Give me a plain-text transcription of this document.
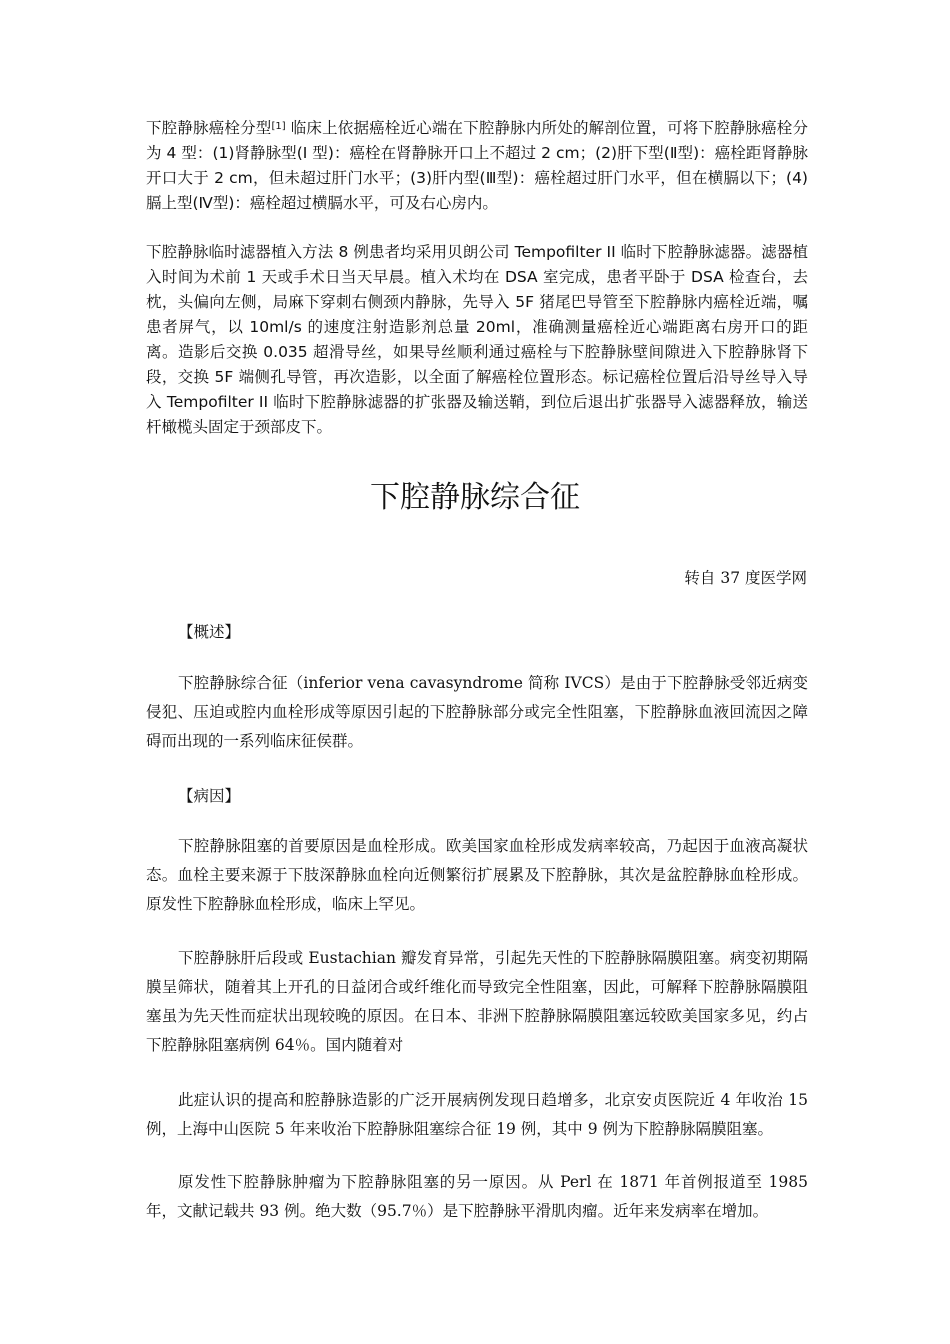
下腔静脉癌栓分型[1] 临床上依据癌栓近心端在下腔静脉内所处的解剖位置，可将下腔静脉癌栓分为 4 型：(1)肾静脉型(I 型)：癌栓在肾静脉开口上不超过 2 cm；(2)肝下型(Ⅱ型)：癌栓距肾静脉开口大于 2 cm，但未超过肝门水平；(3)肝内型(Ⅲ型)：癌栓超过肝门水平，但在横膈以下；(4)膈上型(Ⅳ型)：癌栓超过横膈水平，可及右心房内。

下腔静脉临时滤器植入方法 8 例患者均采用贝朗公司 Tempofilter II 临时下腔静脉滤器。滤器植入时间为术前 1 天或手术日当天早晨。植入术均在 DSA 室完成，患者平卧于 DSA 检查台，去枕，头偏向左侧，局麻下穿刺右侧颈内静脉，先导入 5F 猪尾巴导管至下腔静脉内癌栓近端，嘱患者屏气，以 10ml/s 的速度注射造影剂总量 20ml，准确测量癌栓近心端距离右房开口的距离。造影后交换 0.035 超滑导丝，如果导丝顺利通过癌栓与下腔静脉壁间隙进入下腔静脉肾下段，交换 5F 端侧孔导管，再次造影，以全面了解癌栓位置形态。标记癌栓位置后沿导丝导入导入 Tempofilter II 临时下腔静脉滤器的扩张器及输送鞘，到位后退出扩张器导入滤器释放，输送杆橄榄头固定于颈部皮下。

下腔静脉综合征
转自 37 度医学网
【概述】

下腔静脉综合征（inferior vena cavasyndrome 简称 IVCS）是由于下腔静脉受邻近病变侵犯、压迫或腔内血栓形成等原因引起的下腔静脉部分或完全性阻塞，下腔静脉血液回流因之障碍而出现的一系列临床征侯群。

【病因】

下腔静脉阻塞的首要原因是血栓形成。欧美国家血栓形成发病率较高，乃起因于血液高凝状态。血栓主要来源于下肢深静脉血栓向近侧繁衍扩展累及下腔静脉，其次是盆腔静脉血栓形成。原发性下腔静脉血栓形成，临床上罕见。

下腔静脉肝后段或 Eustachian 瓣发育异常，引起先天性的下腔静脉隔膜阻塞。病变初期隔膜呈筛状，随着其上开孔的日益闭合或纤维化而导致完全性阻塞，因此，可解释下腔静脉隔膜阻塞虽为先天性而症状出现较晚的原因。在日本、非洲下腔静脉隔膜阻塞远较欧美国家多见，约占下腔静脉阻塞病例 64％。国内随着对

此症认识的提高和腔静脉造影的广泛开展病例发现日趋增多，北京安贞医院近 4 年收治 15 例，上海中山医院 5 年来收治下腔静脉阻塞综合征 19 例，其中 9 例为下腔静脉隔膜阻塞。

原发性下腔静脉肿瘤为下腔静脉阻塞的另一原因。从 Perl 在 1871 年首例报道至 1985 年，文献记载共 93 例。绝大数（95.7％）是下腔静脉平滑肌肉瘤。近年来发病率在增加。
